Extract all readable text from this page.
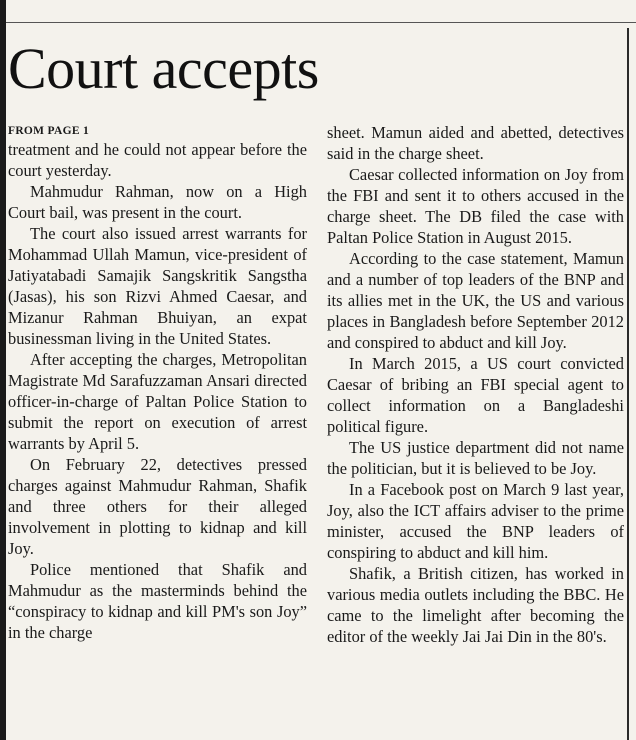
Court accepts
FROM PAGE 1

treatment and he could not appear before the court yesterday.

Mahmudur Rahman, now on a High Court bail, was present in the court.

The court also issued arrest warrants for Mohammad Ullah Mamun, vice-president of Jatiyatabadi Samajik Sangskritik Sangstha (Jasas), his son Rizvi Ahmed Caesar, and Mizanur Rahman Bhuiyan, an expat businessman living in the United States.

After accepting the charges, Metropolitan Magistrate Md Sarafuzzaman Ansari directed officer-in-charge of Paltan Police Station to submit the report on execution of arrest warrants by April 5.

On February 22, detectives pressed charges against Mahmudur Rahman, Shafik and three others for their alleged involvement in plotting to kidnap and kill Joy.

Police mentioned that Shafik and Mahmudur as the masterminds behind the “conspiracy to kidnap and kill PM's son Joy” in the charge

sheet. Mamun aided and abetted, detectives said in the charge sheet.

Caesar collected information on Joy from the FBI and sent it to others accused in the charge sheet. The DB filed the case with Paltan Police Station in August 2015.

According to the case statement, Mamun and a number of top leaders of the BNP and its allies met in the UK, the US and various places in Bangladesh before September 2012 and conspired to abduct and kill Joy.

In March 2015, a US court convicted Caesar of bribing an FBI special agent to collect information on a Bangladeshi political figure.

The US justice department did not name the politician, but it is believed to be Joy.

In a Facebook post on March 9 last year, Joy, also the ICT affairs adviser to the prime minister, accused the BNP leaders of conspiring to abduct and kill him.

Shafik, a British citizen, has worked in various media outlets including the BBC. He came to the limelight after becoming the editor of the weekly Jai Jai Din in the 80's.
